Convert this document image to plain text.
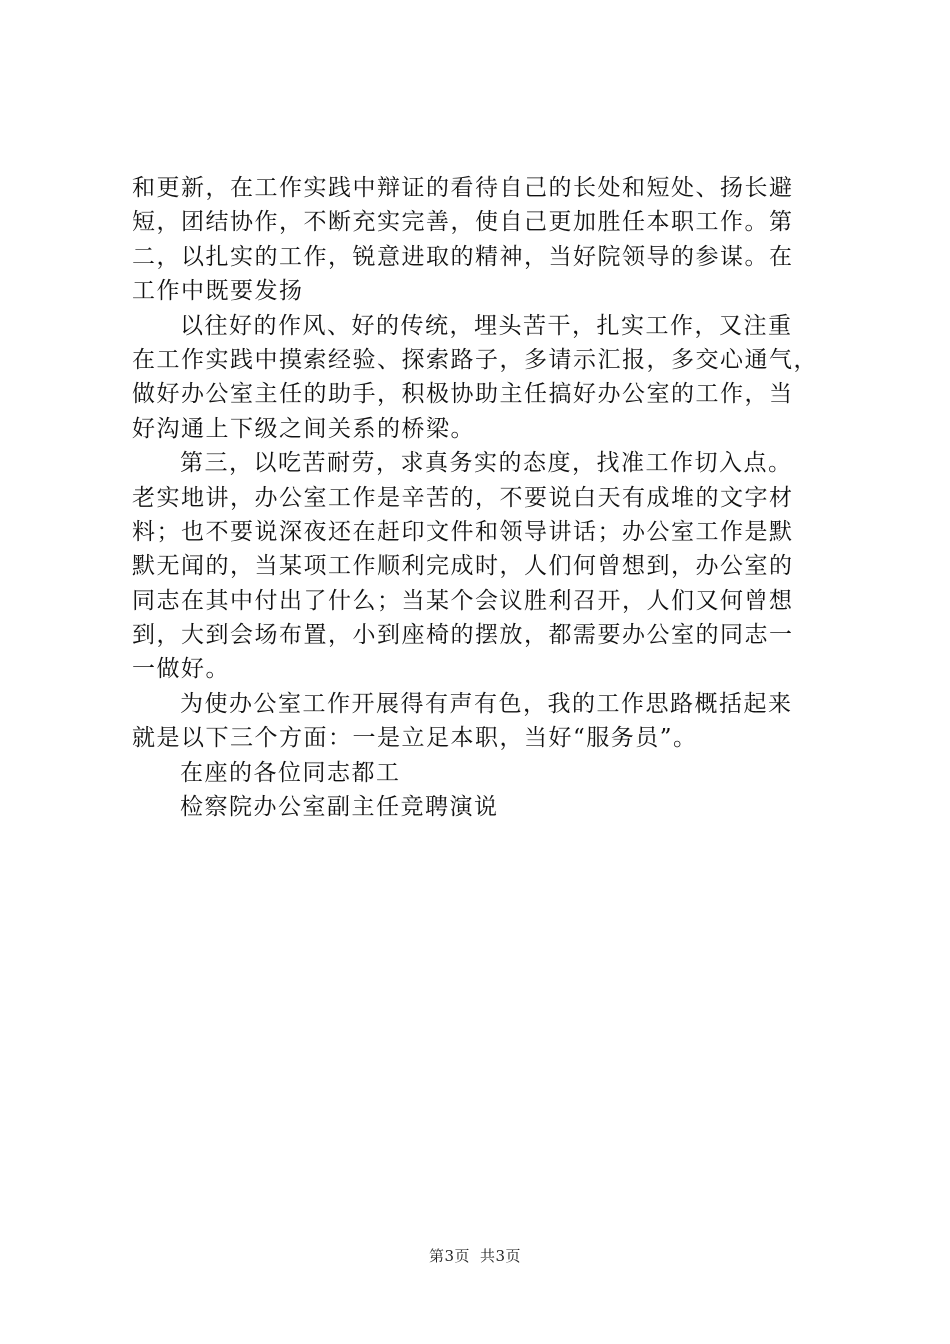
和更新，在工作实践中辩证的看待自己的长处和短处、扬长避
短，团结协作，不断充实完善，使自己更加胜任本职工作。第
二，以扎实的工作，锐意进取的精神，当好院领导的参谋。在
工作中既要发扬
以往好的作风、好的传统，埋头苦干，扎实工作，又注重
在工作实践中摸索经验、探索路子，多请示汇报，多交心通气，
做好办公室主任的助手，积极协助主任搞好办公室的工作，当
好沟通上下级之间关系的桥梁。
第三，以吃苦耐劳，求真务实的态度，找准工作切入点。
老实地讲，办公室工作是辛苦的，不要说白天有成堆的文字材
料；也不要说深夜还在赶印文件和领导讲话；办公室工作是默
默无闻的，当某项工作顺利完成时，人们何曾想到，办公室的
同志在其中付出了什么；当某个会议胜利召开，人们又何曾想
到，大到会场布置，小到座椅的摆放，都需要办公室的同志一
一做好。
为使办公室工作开展得有声有色，我的工作思路概括起来
就是以下三个方面：一是立足本职，当好“服务员”。
在座的各位同志都工
检察院办公室副主任竞聘演说
第3页 共3页
